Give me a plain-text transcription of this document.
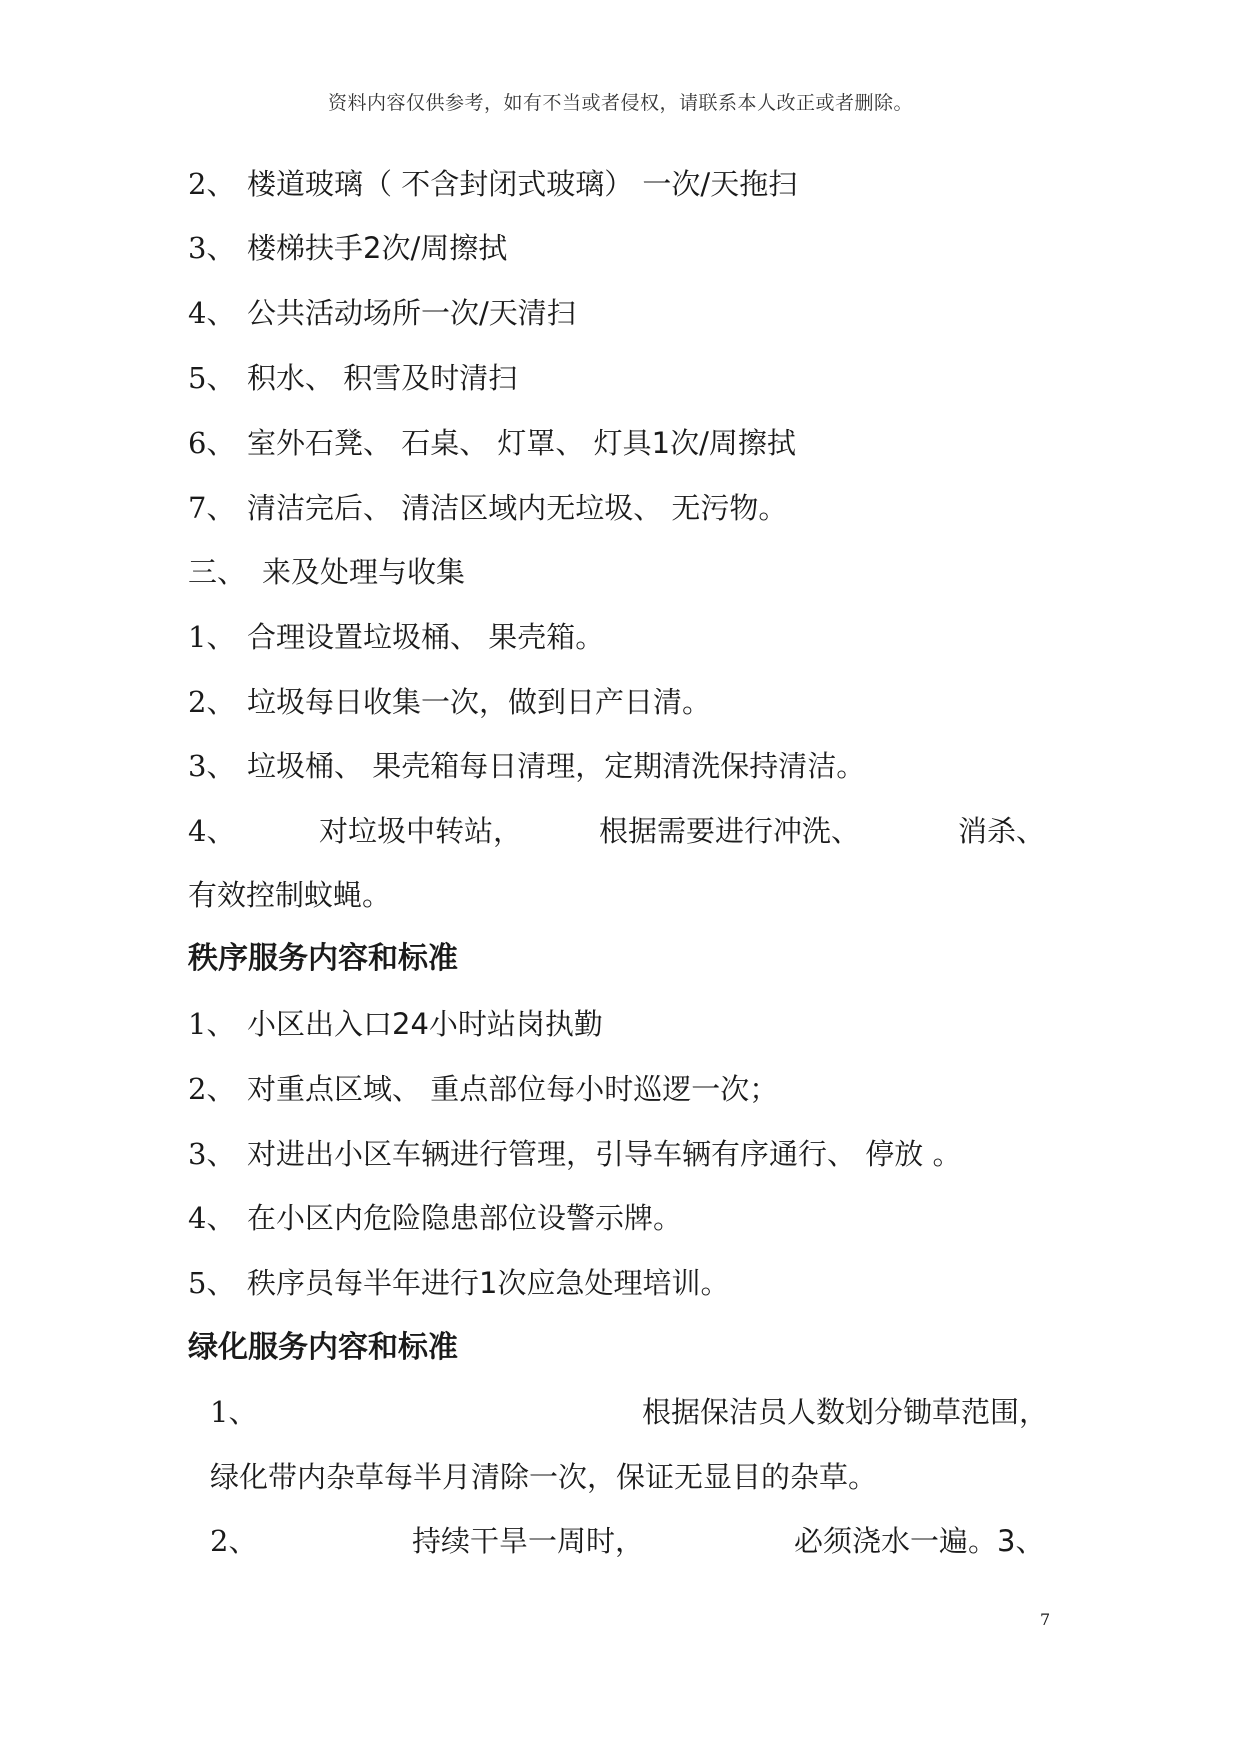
资料内容仅供参考，如有不当或者侵权，请联系本人改正或者删除。
2、 楼道玻璃（ 不含封闭式玻璃） 一次/天拖扫
3、 楼梯扶手2次/周擦拭
4、 公共活动场所一次/天清扫
5、 积水、 积雪及时清扫
6、 室外石凳、 石桌、 灯罩、 灯具1次/周擦拭
7、 清洁完后、 清洁区域内无垃圾、 无污物。
三、 来及处理与收集
1、 合理设置垃圾桶、 果壳箱。
2、 垃圾每日收集一次，做到日产日清。
3、 垃圾桶、 果壳箱每日清理，定期清洗保持清洁。
4、	对垃圾中转站，	根据需要进行冲洗、	消杀、
有效控制蚊蝇。
秩序服务内容和标准
1、 小区出入口24小时站岗执勤
2、 对重点区域、 重点部位每小时巡逻一次；
3、 对进出小区车辆进行管理，引导车辆有序通行、 停放 。
4、 在小区内危险隐患部位设警示牌。
5、 秩序员每半年进行1次应急处理培训。
绿化服务内容和标准
1、	根据保洁员人数划分锄草范围，
绿化带内杂草每半月清除一次，保证无显目的杂草。
2、	持续干旱一周时，	必须浇水一遍。3、
7
